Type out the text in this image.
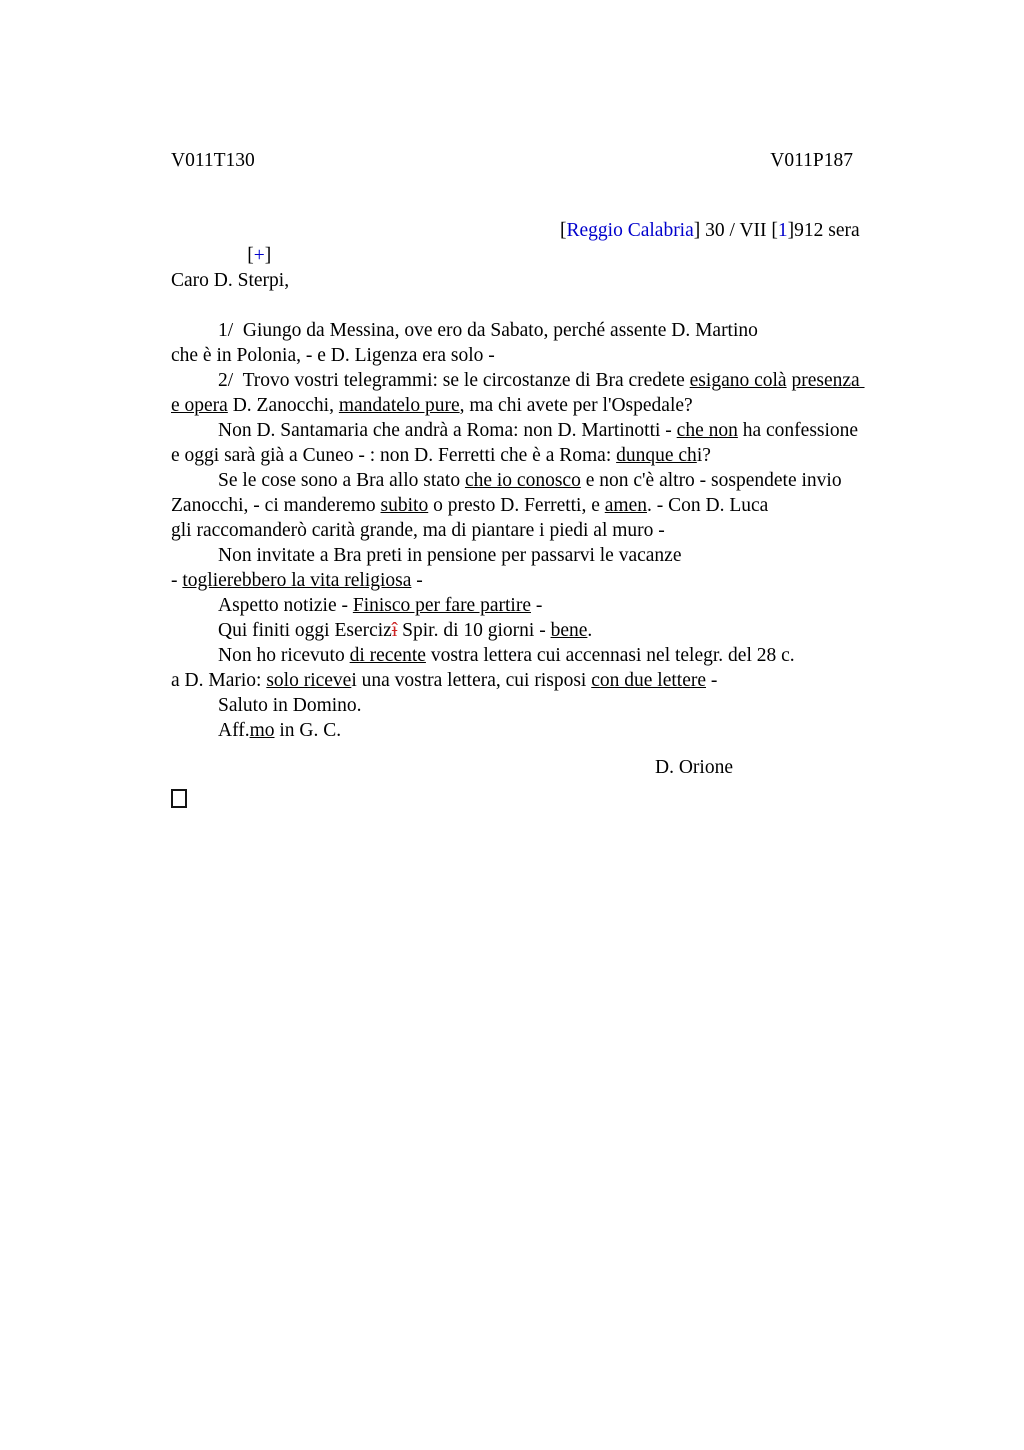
V011T130	V011P187

[+]

[Reggio Calabria] 30 / VII [1]912 sera

Caro D. Sterpi,
1/  Giungo da Messina, ove ero da Sabato, perché assente D. Martino
che è in Polonia, - e D. Ligenza era solo -
2/  Trovo vostri telegrammi: se le circostanze di Bra credete esigano colà presenza
e opera D. Zanocchi, mandatelo pure, ma chi avete per l'Ospedale?
Non D. Santamaria che andrà a Roma: non D. Martinotti - che non ha confessione
e oggi sarà già a Cuneo - : non D. Ferretti che è a Roma: dunque chi?
Se le cose sono a Bra allo stato che io conosco e non c'è altro - sospendete invio
Zanocchi, - ci manderemo subito o presto D. Ferretti, e amen. - Con D. Luca
gli raccomanderò carità grande, ma di piantare i piedi al muro -
Non invitate a Bra preti in pensione per passarvi le vacanze
- toglierebbero la vita religiosa -
Aspetto notizie - Finisco per fare partire -
Qui finiti oggi Esercizî Spir. di 10 giorni - bene.
Non ho ricevuto di recente vostra lettera cui accennasi nel telegr. del 28 c.
a D. Mario: solo ricevei una vostra lettera, cui risposi con due lettere -
Saluto in Domino.
Aff.mo in G. C.
D. Orione
